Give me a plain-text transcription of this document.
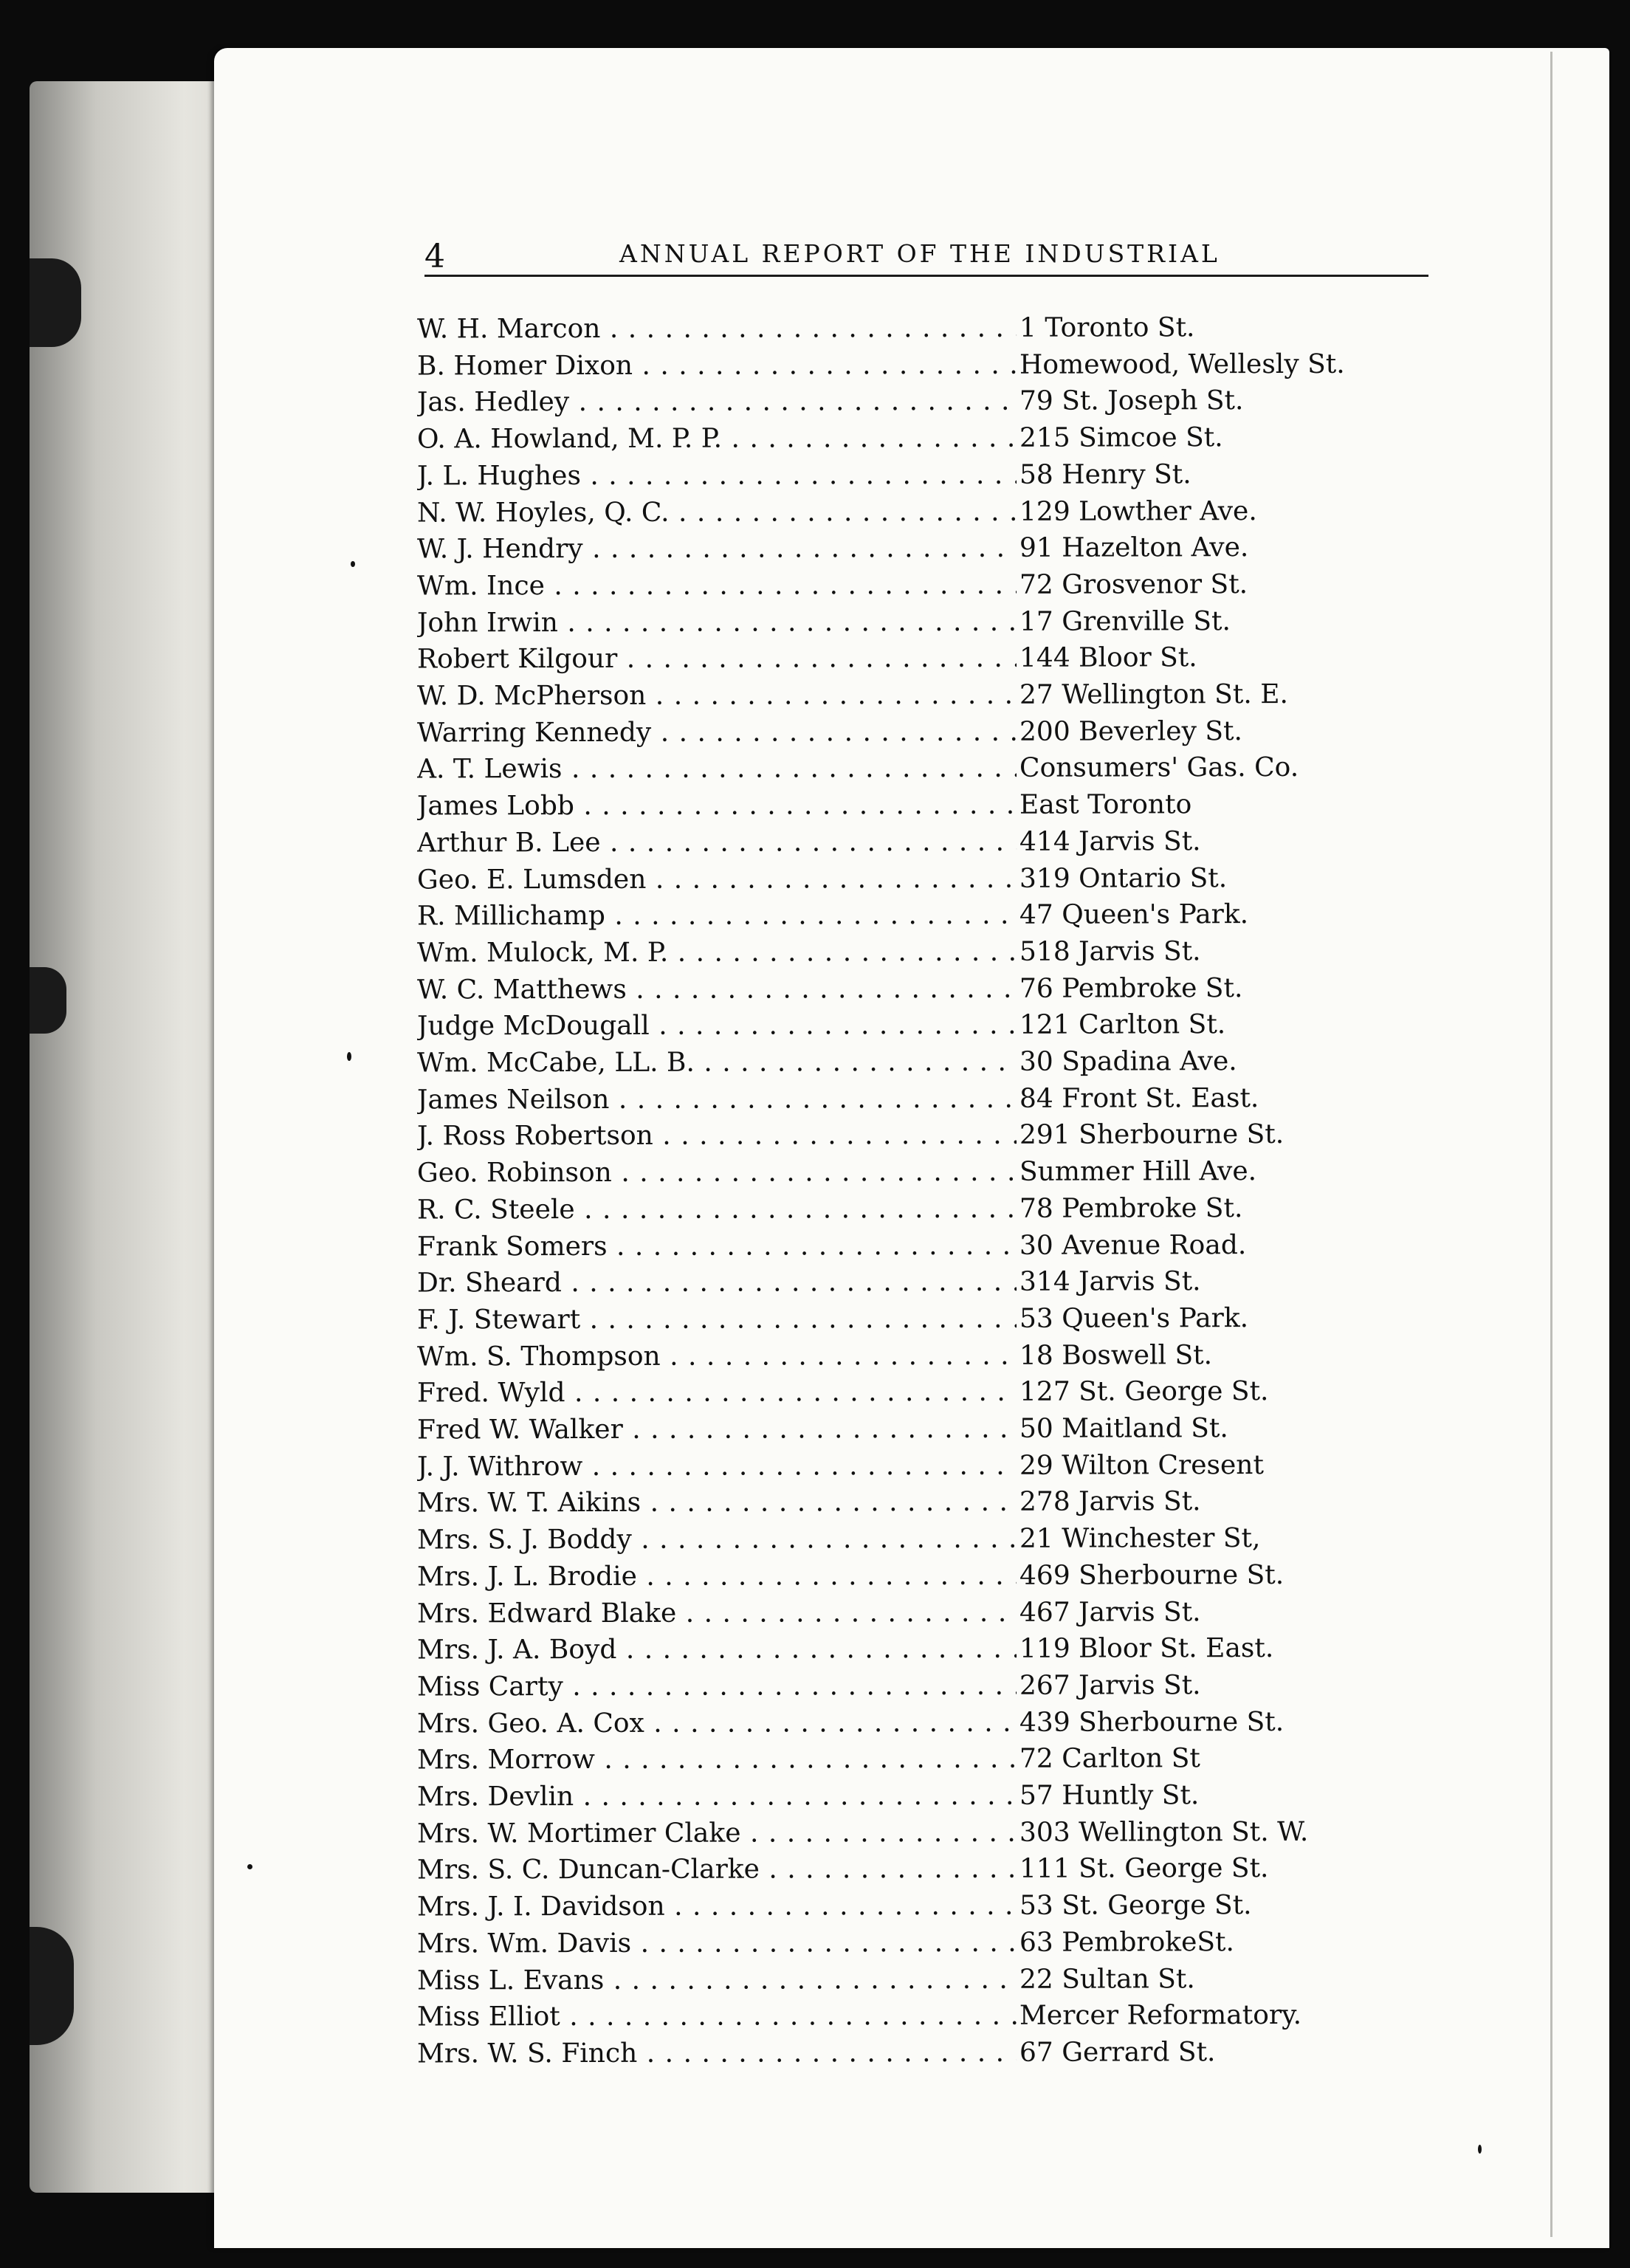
4	ANNUAL REPORT OF THE INDUSTRIAL
W. H. Marcon . . .	1 Toronto St.
B. Homer Dixon . . .	Homewood, Wellesly St.
Jas. Hedley . . .	79 St. Joseph St.
O. A. Howland, M. P. P. . . .	215 Simcoe St.
J. L. Hughes . . .	58 Henry St.
N. W. Hoyles, Q. C. . . .	129 Lowther Ave.
W. J. Hendry . . .	91 Hazelton Ave.
Wm. Ince . . .	72 Grosvenor St.
John Irwin . . .	17 Grenville St.
Robert Kilgour . . .	144 Bloor St.
W. D. McPherson . . .	27 Wellington St. E.
Warring Kennedy . . .	200 Beverley St.
A. T. Lewis . . .	Consumers' Gas. Co.
James Lobb . . .	East Toronto
Arthur B. Lee . . .	414 Jarvis St.
Geo. E. Lumsden . . .	319 Ontario St.
R. Millichamp . . .	47 Queen's Park.
Wm. Mulock, M. P. . . .	518 Jarvis St.
W. C. Matthews . . .	76 Pembroke St.
Judge McDougall . . .	121 Carlton St.
Wm. McCabe, LL. B. . . .	30 Spadina Ave.
James Neilson . . .	84 Front St. East.
J. Ross Robertson . . .	291 Sherbourne St.
Geo. Robinson . . .	Summer Hill Ave.
R. C. Steele . . .	78 Pembroke St.
Frank Somers . . .	30 Avenue Road.
Dr. Sheard . . .	314 Jarvis St.
F. J. Stewart . . .	53 Queen's Park.
Wm. S. Thompson . . .	18 Boswell St.
Fred. Wyld . . .	127 St. George St.
Fred W. Walker . . .	50 Maitland St.
J. J. Withrow . . .	29 Wilton Cresent
Mrs. W. T. Aikins . . .	278 Jarvis St.
Mrs. S. J. Boddy . . .	21 Winchester St,
Mrs. J. L. Brodie . . .	469 Sherbourne St.
Mrs. Edward Blake . . .	467 Jarvis St.
Mrs. J. A. Boyd . . .	119 Bloor St. East.
Miss Carty . . .	267 Jarvis St.
Mrs. Geo. A. Cox . . .	439 Sherbourne St.
Mrs. Morrow . . .	72 Carlton St
Mrs. Devlin . . .	57 Huntly St.
Mrs. W. Mortimer Clake . . .	303 Wellington St. W.
Mrs. S. C. Duncan-Clarke . . .	111 St. George St.
Mrs. J. I. Davidson . . .	53 St. George St.
Mrs. Wm. Davis . . .	63 PembrokeSt.
Miss L. Evans . . .	22 Sultan St.
Miss Elliot . . .	Mercer Reformatory.
Mrs. W. S. Finch . . .	67 Gerrard St.
